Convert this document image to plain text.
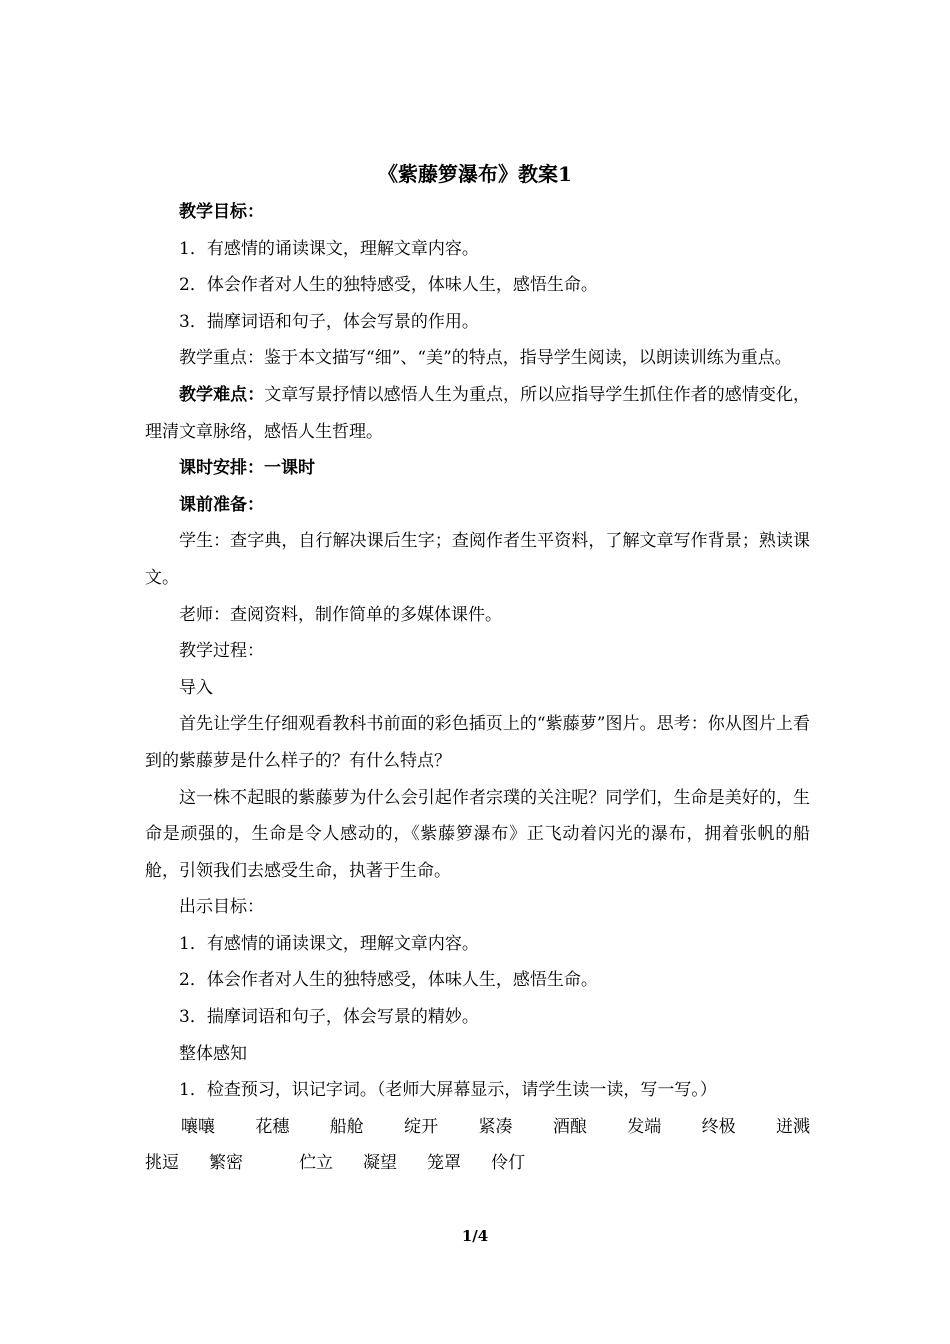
《紫藤箩瀑布》教案1

教学目标：

1．有感情的诵读课文，理解文章内容。

2．体会作者对人生的独特感受，体味人生，感悟生命。

3．揣摩词语和句子，体会写景的作用。

教学重点：鉴于本文描写“细”、“美”的特点，指导学生阅读，以朗读训练为重点。

教学难点：文章写景抒情以感悟人生为重点，所以应指导学生抓住作者的感情变化，理清文章脉络，感悟人生哲理。

课时安排：一课时

课前准备：

学生：查字典，自行解决课后生字；查阅作者生平资料，了解文章写作背景；熟读课文。

老师：查阅资料，制作简单的多媒体课件。

教学过程：

导入

首先让学生仔细观看教科书前面的彩色插页上的“紫藤萝”图片。思考：你从图片上看到的紫藤萝是什么样子的？有什么特点？

这一株不起眼的紫藤萝为什么会引起作者宗璞的关注呢？同学们，生命是美好的，生命是顽强的，生命是令人感动的，《紫藤箩瀑布》正飞动着闪光的瀑布，拥着张帆的船舱，引领我们去感受生命，执著于生命。

出示目标：

1．有感情的诵读课文，理解文章内容。

2．体会作者对人生的独特感受，体味人生，感悟生命。

3．揣摩词语和句子，体会写景的精妙。

整体感知

1．检查预习，识记字词。（老师大屏幕显示，请学生读一读，写一写。）

嚷嚷 花穗 船舱 绽开 紧凑 酒酿 发端 终极 迸溅
挑逗 繁密	伫立 凝望 笼罩 伶仃
1/4
